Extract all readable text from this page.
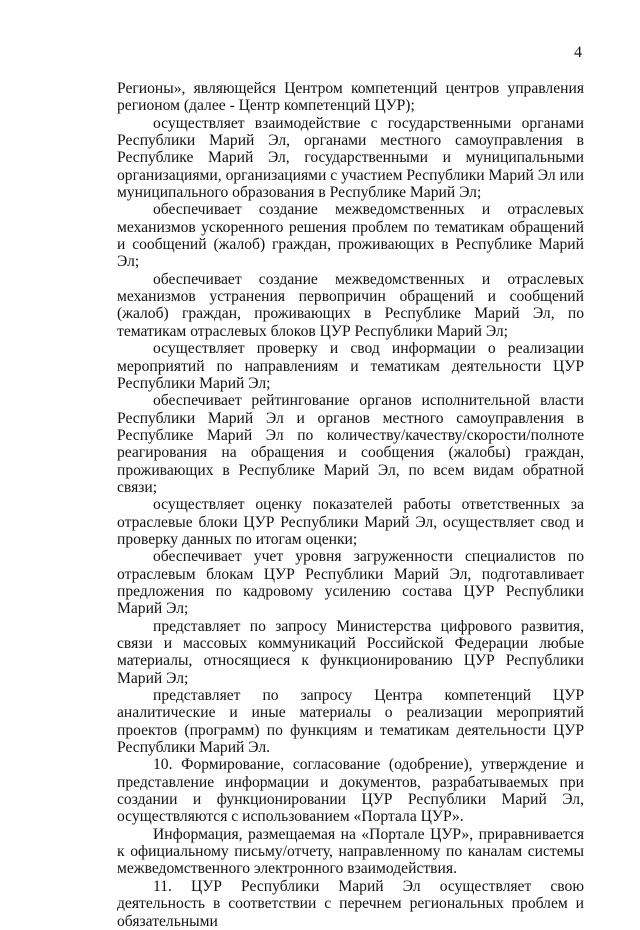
4

Регионы», являющейся Центром компетенций центров управления регионом (далее - Центр компетенций ЦУР);

осуществляет взаимодействие с государственными органами Республики Марий Эл, органами местного самоуправления в Республике Марий Эл, государственными и муниципальными организациями, организациями с участием Республики Марий Эл или муниципального образования в Республике Марий Эл;

обеспечивает создание межведомственных и отраслевых механизмов ускоренного решения проблем по тематикам обращений и сообщений (жалоб) граждан, проживающих в Республике Марий Эл;

обеспечивает создание межведомственных и отраслевых механизмов устранения первопричин обращений и сообщений (жалоб) граждан, проживающих в Республике Марий Эл, по тематикам отраслевых блоков ЦУР Республики Марий Эл;

осуществляет проверку и свод информации о реализации мероприятий по направлениям и тематикам деятельности ЦУР Республики Марий Эл;

обеспечивает рейтингование органов исполнительной власти Республики Марий Эл и органов местного самоуправления в Республике Марий Эл по количеству/качеству/скорости/полноте реагирования на обращения и сообщения (жалобы) граждан, проживающих в Республике Марий Эл, по всем видам обратной связи;

осуществляет оценку показателей работы ответственных за отраслевые блоки ЦУР Республики Марий Эл, осуществляет свод и проверку данных по итогам оценки;

обеспечивает учет уровня загруженности специалистов по отраслевым блокам ЦУР Республики Марий Эл, подготавливает предложения по кадровому усилению состава ЦУР Республики Марий Эл;

представляет по запросу Министерства цифрового развития, связи и массовых коммуникаций Российской Федерации любые материалы, относящиеся к функционированию ЦУР Республики Марий Эл;

представляет по запросу Центра компетенций ЦУР аналитические и иные материалы о реализации мероприятий проектов (программ) по функциям и тематикам деятельности ЦУР Республики Марий Эл.

10. Формирование, согласование (одобрение), утверждение и представление информации и документов, разрабатываемых при создании и функционировании ЦУР Республики Марий Эл, осуществляются с использованием «Портала ЦУР».

Информация, размещаемая на «Портале ЦУР», приравнивается к официальному письму/отчету, направленному по каналам системы межведомственного электронного взаимодействия.

11. ЦУР Республики Марий Эл осуществляет свою деятельность в соответствии с перечнем региональных проблем и обязательными
